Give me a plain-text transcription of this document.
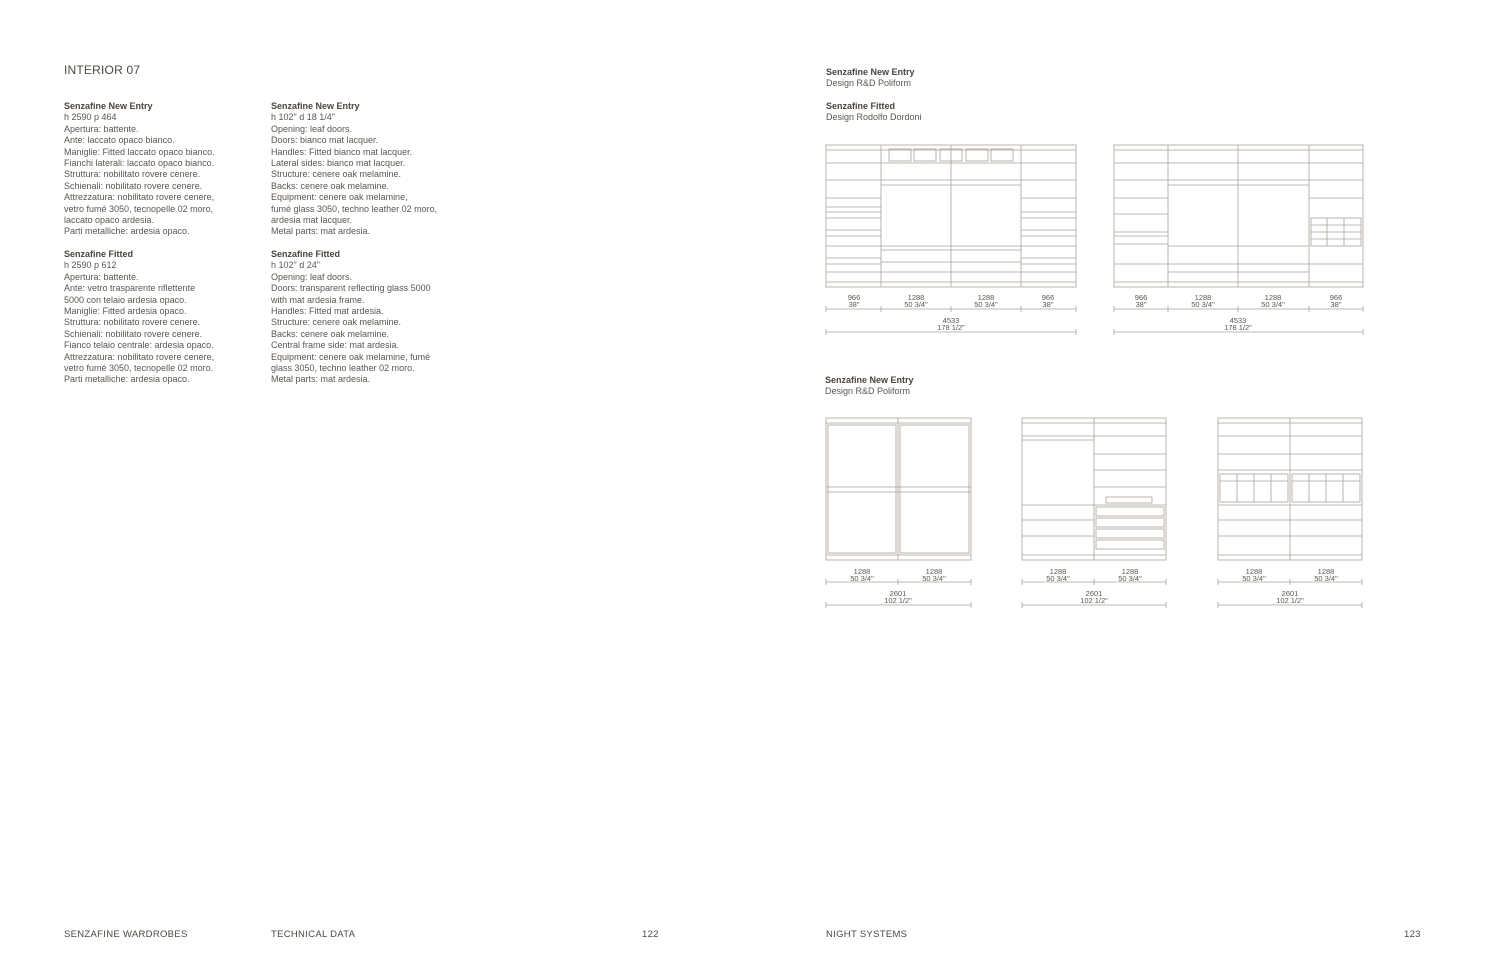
INTERIOR 07
Senzafine New Entry
h 2590 p 464
Apertura: battente.
Ante: laccato opaco bianco.
Maniglie: Fitted laccato opaco bianco.
Fianchi laterali: laccato opaco bianco.
Struttura: nobilitato rovere cenere.
Schienali: nobilitato rovere cenere.
Attrezzatura: nobilitato rovere cenere,
vetro fumé 3050, tecnopelle 02 moro,
laccato opaco ardesia.
Parti metalliche: ardesia opaco.
Senzafine Fitted
h 2590 p 612
Apertura: battente.
Ante: vetro trasparente riflettente
5000 con telaio ardesia opaco.
Maniglie: Fitted ardesia opaco.
Struttura: nobilitato rovere cenere.
Schienali: nobilitato rovere cenere.
Fianco telaio centrale: ardesia opaco.
Attrezzatura: nobilitato rovere cenere,
vetro fumé 3050, tecnopelle 02 moro.
Parti metalliche: ardesia opaco.
Senzafine New Entry
h 102" d 18 1/4"
Opening: leaf doors.
Doors: bianco mat lacquer.
Handles: Fitted bianco mat lacquer.
Lateral sides: bianco mat lacquer.
Structure: cenere oak melamine.
Backs: cenere oak melamine.
Equipment: cenere oak melamine,
fumé glass 3050, techno leather 02 moro,
ardesia mat lacquer.
Metal parts: mat ardesia.
Senzafine Fitted
h 102" d 24"
Opening: leaf doors.
Doors: transparent reflecting glass 5000
with mat ardesia frame.
Handles: Fitted mat ardesia.
Structure: cenere oak melamine.
Backs: cenere oak melamine.
Central frame side: mat ardesia.
Equipment: cenere oak melamine, fumé
glass 3050, techno leather 02 moro.
Metal parts: mat ardesia.
Senzafine New Entry
Design R&D Poliform
Senzafine Fitted
Design Rodolfo Dordoni
Senzafine New Entry
Design R&D Poliform
966
38"
1288
50 3/4"
1288
50 3/4"
966
38"
4533
178 1/2"
966
38"
1288
50 3/4"
1288
50 3/4"
966
38"
4533
178 1/2"
1288
50 3/4"
1288
50 3/4"
2601
102 1/2"
1288
50 3/4"
1288
50 3/4"
2601
102 1/2"
1288
50 3/4"
1288
50 3/4"
2601
102 1/2"
SENZAFINE WARDROBES	TECHNICAL DATA	122	NIGHT SYSTEMS	123
